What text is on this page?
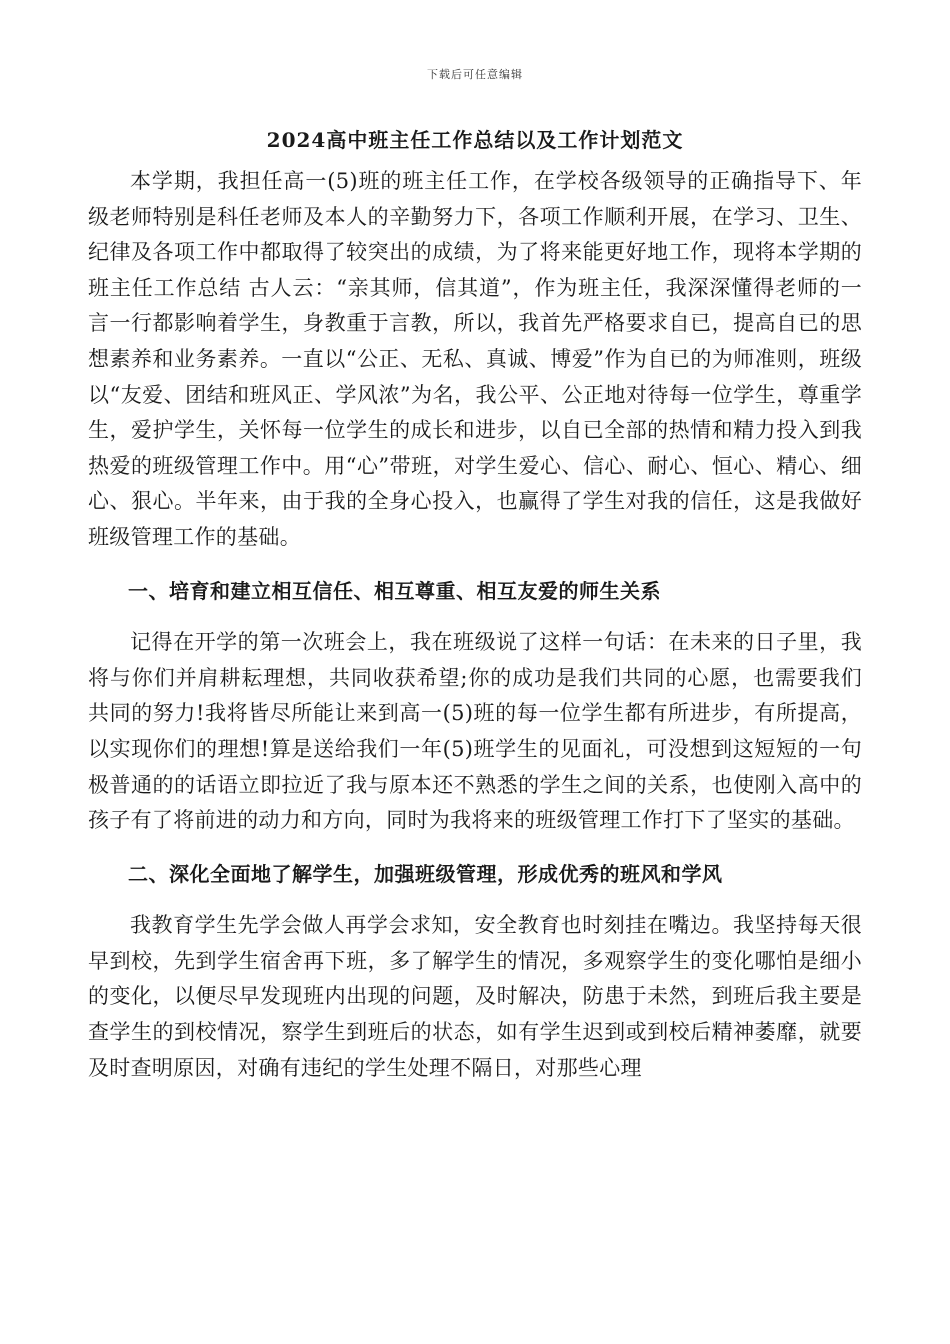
下载后可任意编辑
2024高中班主任工作总结以及工作计划范文

本学期，我担任高一(5)班的班主任工作，在学校各级领导的正确指导下、年级老师特别是科任老师及本人的辛勤努力下，各项工作顺利开展，在学习、卫生、纪律及各项工作中都取得了较突出的成绩，为了将来能更好地工作，现将本学期的班主任工作总结 古人云：“亲其师，信其道”，作为班主任，我深深懂得老师的一言一行都影响着学生，身教重于言教，所以，我首先严格要求自已，提高自已的思想素养和业务素养。一直以“公正、无私、真诚、博爱”作为自已的为师准则，班级以“友爱、团结和班风正、学风浓”为名，我公平、公正地对待每一位学生，尊重学生，爱护学生，关怀每一位学生的成长和进步，以自已全部的热情和精力投入到我热爱的班级管理工作中。用“心”带班，对学生爱心、信心、耐心、恒心、精心、细心、狠心。半年来，由于我的全身心投入，也赢得了学生对我的信任，这是我做好班级管理工作的基础。

一、培育和建立相互信任、相互尊重、相互友爱的师生关系

记得在开学的第一次班会上，我在班级说了这样一句话：在未来的日子里，我将与你们并肩耕耘理想，共同收获希望;你的成功是我们共同的心愿，也需要我们共同的努力!我将皆尽所能让来到高一(5)班的每一位学生都有所进步，有所提高，以实现你们的理想!算是送给我们一年(5)班学生的见面礼，可没想到这短短的一句极普通的的话语立即拉近了我与原本还不熟悉的学生之间的关系，也使刚入高中的孩子有了将前进的动力和方向，同时为我将来的班级管理工作打下了坚实的基础。

二、深化全面地了解学生，加强班级管理，形成优秀的班风和学风

我教育学生先学会做人再学会求知，安全教育也时刻挂在嘴边。我坚持每天很早到校，先到学生宿舍再下班，多了解学生的情况，多观察学生的变化哪怕是细小的变化，以便尽早发现班内出现的问题，及时解决，防患于未然，到班后我主要是查学生的到校情况，察学生到班后的状态，如有学生迟到或到校后精神萎靡，就要及时查明原因，对确有违纪的学生处理不隔日，对那些心理
